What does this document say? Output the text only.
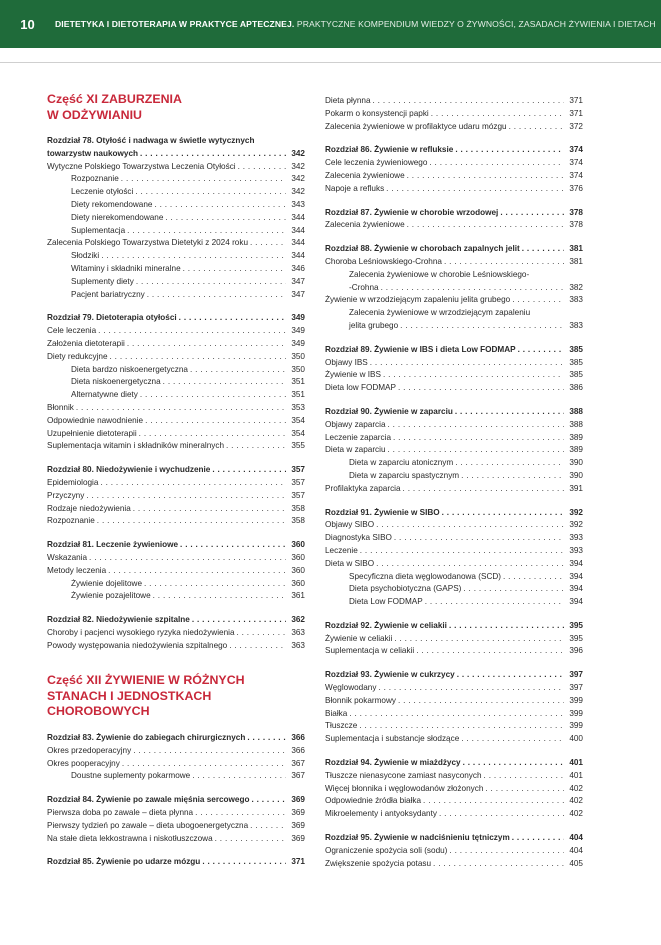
10	DIETETYKA I DIETOTERAPIA W PRAKTYCE APTECZNEJ. PRAKTYCZNE KOMPENDIUM WIEDZY O ŻYWNOŚCI, ZASADACH ŻYWIENIA I DIETACH
Część XI ZABURZENIA
W ODŻYWIANIU
Rozdział 78. Otyłość i nadwaga w świetle wytycznych
towarzystw naukowych . . .	342
Wytyczne Polskiego Towarzystwa Leczenia Otyłości . . .	342
Rozpoznanie . . .	342
Leczenie otyłości . . .	342
Diety rekomendowane . . .	343
Diety nierekomendowane . . .	344
Suplementacja . . .	344
Zalecenia Polskiego Towarzystwa Dietetyki z 2024 roku . . .	344
Słodziki . . .	344
Witaminy i składniki mineralne . . .	346
Suplementy diety . . .	347
Pacjent bariatryczny . . .	347
Rozdział 79. Dietoterapia otyłości . . .	349
Cele leczenia . . .	349
Założenia dietoterapii . . .	349
Diety redukcyjne . . .	350
Dieta bardzo niskoenergetyczna . . .	350
Dieta niskoenergetyczna . . .	351
Alternatywne diety . . .	351
Błonnik . . .	353
Odpowiednie nawodnienie . . .	354
Uzupełnienie dietoterapii . . .	354
Suplementacja witamin i składników mineralnych . . .	355
Rozdział 80. Niedożywienie i wychudzenie . . .	357
Epidemiologia . . .	357
Przyczyny . . .	357
Rodzaje niedożywienia . . .	358
Rozpoznanie . . .	358
Rozdział 81. Leczenie żywieniowe . . .	360
Wskazania . . .	360
Metody leczenia . . .	360
Żywienie dojelitowe . . .	360
Żywienie pozajelitowe . . .	361
Rozdział 82. Niedożywienie szpitalne . . .	362
Choroby i pacjenci wysokiego ryzyka niedożywienia . . .	363
Powody występowania niedożywienia szpitalnego . . .	363
Część XII ŻYWIENIE W RÓŻNYCH
STANACH I JEDNOSTKACH
CHOROBOWYCH
Rozdział 83. Żywienie do zabiegach chirurgicznych . . .	366
Okres przedoperacyjny . . .	366
Okres pooperacyjny . . .	367
Doustne suplementy pokarmowe . . .	367
Rozdział 84. Żywienie po zawale mięśnia sercowego . . .	369
Pierwsza doba po zawale – dieta płynna . . .	369
Pierwszy tydzień po zawale – dieta ubogoenergetyczna . . .	369
Na stałe dieta lekkostrawna i niskotłuszczowa . . .	369
Rozdział 85. Żywienie po udarze mózgu . . .	371
Dieta płynna . . .	371
Pokarm o konsystencji papki . . .	371
Zalecenia żywieniowe w profilaktyce udaru mózgu . . .	372
Rozdział 86. Żywienie w refluksie . . .	374
Cele leczenia żywieniowego . . .	374
Zalecenia żywieniowe . . .	374
Napoje a refluks . . .	376
Rozdział 87. Żywienie w chorobie wrzodowej . . .	378
Zalecenia żywieniowe . . .	378
Rozdział 88. Żywienie w chorobach zapalnych jelit . . .	381
Choroba Leśniowskiego-Crohna . . .	381
Zalecenia żywieniowe w chorobie Leśniowskiego-
-Crohna . . .	382
Żywienie w wrzodziejącym zapaleniu jelita grubego . . .	383
Zalecenia żywieniowe w wrzodziejącym zapaleniu
jelita grubego . . .	383
Rozdział 89. Żywienie w IBS i dieta Low FODMAP . . .	385
Objawy IBS . . .	385
Żywienie w IBS . . .	385
Dieta low FODMAP . . .	386
Rozdział 90. Żywienie w zaparciu . . .	388
Objawy zaparcia . . .	388
Leczenie zaparcia . . .	389
Dieta w zaparciu . . .	389
Dieta w zaparciu atonicznym . . .	390
Dieta w zaparciu spastycznym . . .	390
Profilaktyka zaparcia . . .	391
Rozdział 91. Żywienie w SIBO . . .	392
Objawy SIBO . . .	392
Diagnostyka SIBO . . .	393
Leczenie . . .	393
Dieta w SIBO . . .	394
Specyficzna dieta węglowodanowa (SCD) . . .	394
Dieta psychobiotyczna (GAPS) . . .	394
Dieta Low FODMAP . . .	394
Rozdział 92. Żywienie w celiakii . . .	395
Żywienie w celiakii . . .	395
Suplementacja w celiakii . . .	396
Rozdział 93. Żywienie w cukrzycy . . .	397
Węglowodany . . .	397
Błonnik pokarmowy . . .	399
Białka . . .	399
Tłuszcze . . .	399
Suplementacja i substancje słodzące . . .	400
Rozdział 94. Żywienie w miażdżycy . . .	401
Tłuszcze nienasycone zamiast nasyconych . . .	401
Więcej błonnika i węglowodanów złożonych . . .	402
Odpowiednie źródła białka . . .	402
Mikroelementy i antyoksydanty . . .	402
Rozdział 95. Żywienie w nadciśnieniu tętniczym . . .	404
Ograniczenie spożycia soli (sodu) . . .	404
Zwiększenie spożycia potasu . . .	405
